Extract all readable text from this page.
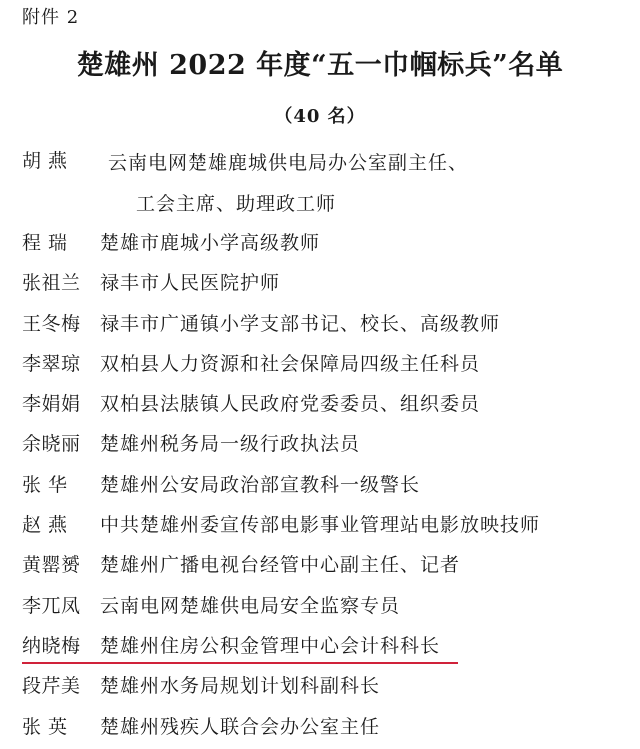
附件 2
楚雄州 2022 年度“五一巾帼标兵”名单
（40 名）
胡 燕	云南电网楚雄鹿城供电局办公室副主任、
工会主席、助理政工师
程 瑞	楚雄市鹿城小学高级教师
张祖兰	禄丰市人民医院护师
王冬梅	禄丰市广通镇小学支部书记、校长、高级教师
李翠琼	双柏县人力资源和社会保障局四级主任科员
李娟娟	双柏县法脿镇人民政府党委委员、组织委员
余晓丽	楚雄州税务局一级行政执法员
张 华	楚雄州公安局政治部宣教科一级警长
赵 燕	中共楚雄州委宣传部电影事业管理站电影放映技师
黄罂赟	楚雄州广播电视台经管中心副主任、记者
李兀凤	云南电网楚雄供电局安全监察专员
纳晓梅	楚雄州住房公积金管理中心会计科科长
段芹美	楚雄州水务局规划计划科副科长
张 英	楚雄州残疾人联合会办公室主任
